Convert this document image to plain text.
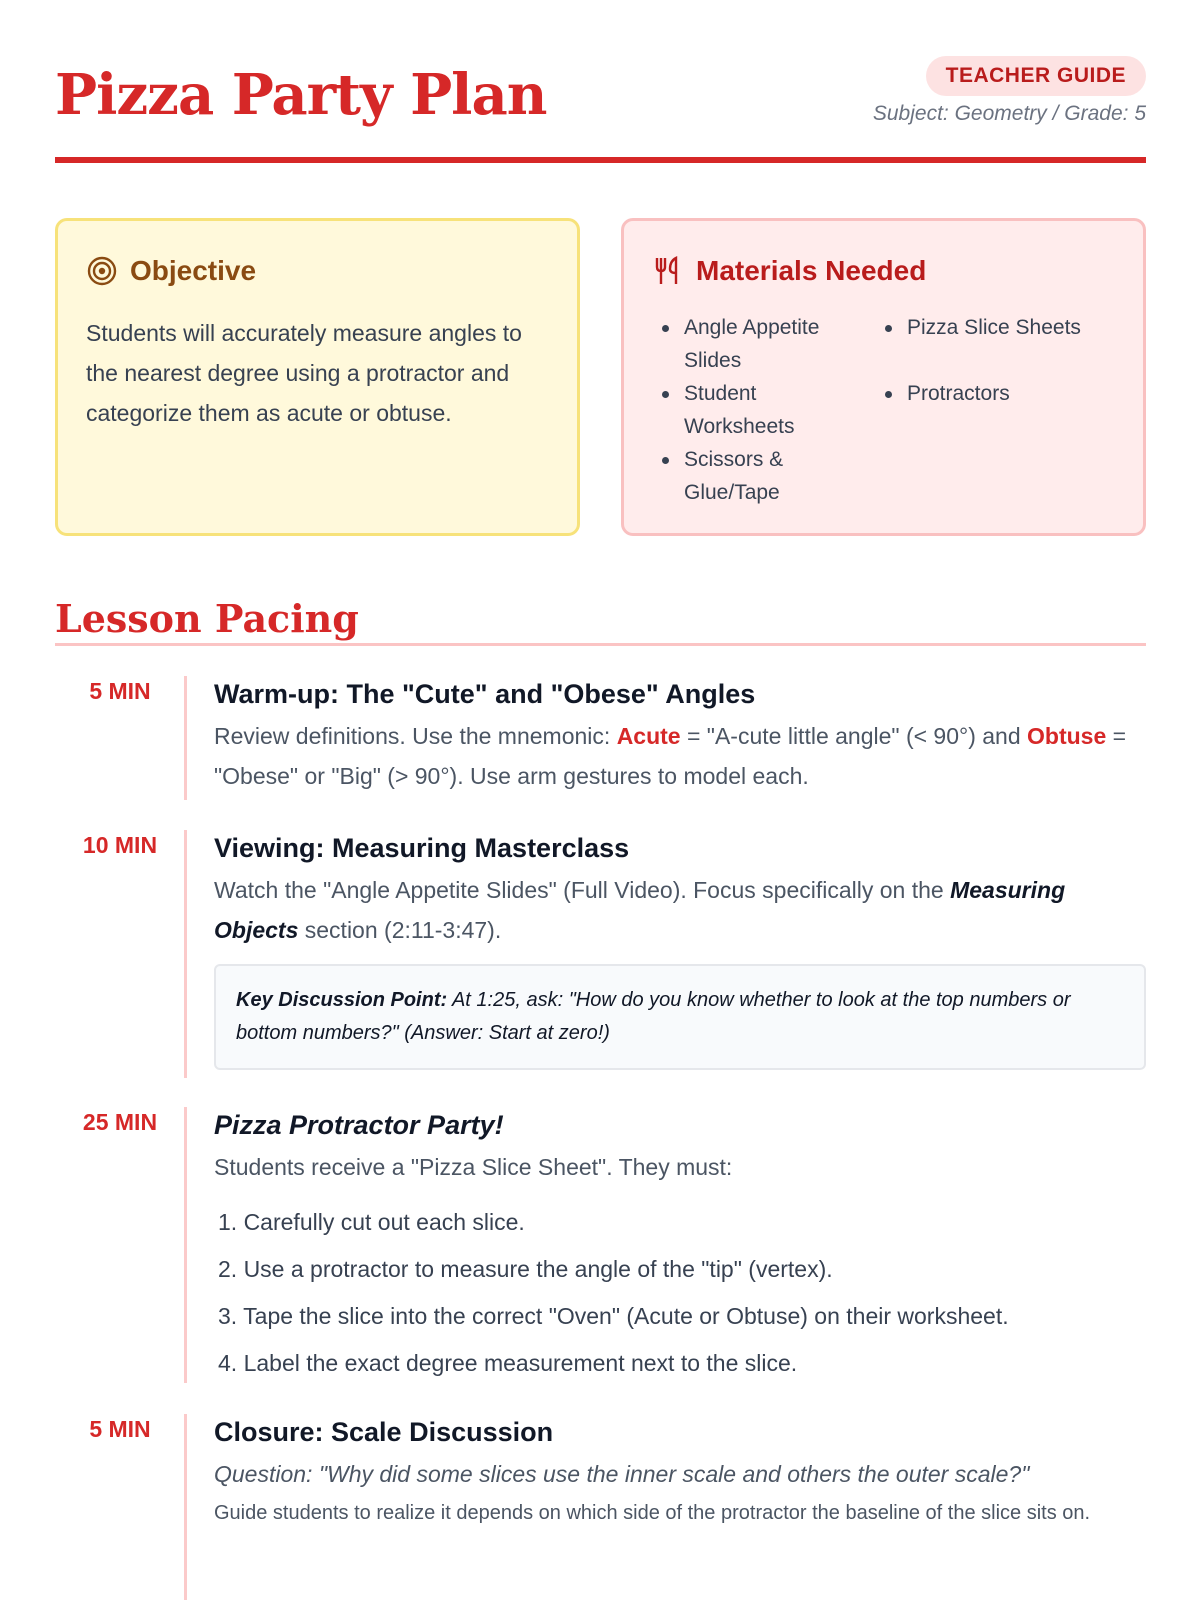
Pizza Party Plan	TEACHER GUIDE
Subject: Geometry / Grade: 5
Objective

Students will accurately measure angles to the nearest degree using a protractor and categorize them as acute or obtuse.

Materials Needed
Angle Appetite Slides
Student Worksheets
Scissors & Glue/Tape
Pizza Slice Sheets
Protractors
Lesson Pacing
5 MIN	Warm-up: The "Cute" and "Obese" Angles

Review definitions. Use the mnemonic: Acute = "A-cute little angle" (< 90°) and Obtuse = "Obese" or "Big" (> 90°). Use arm gestures to model each.

10 MIN	Viewing: Measuring Masterclass

Watch the "Angle Appetite Slides" (Full Video). Focus specifically on the Measuring Objects section (2:11-3:47).

Key Discussion Point: At 1:25, ask: "How do you know whether to look at the top numbers or bottom numbers?" (Answer: Start at zero!)
25 MIN	Pizza Protractor Party!

Students receive a "Pizza Slice Sheet". They must:

1. Carefully cut out each slice.
2. Use a protractor to measure the angle of the "tip" (vertex).
3. Tape the slice into the correct "Oven" (Acute or Obtuse) on their worksheet.
4. Label the exact degree measurement next to the slice.
5 MIN	Closure: Scale Discussion

Question: "Why did some slices use the inner scale and others the outer scale?"

Guide students to realize it depends on which side of the protractor the baseline of the slice sits on.
